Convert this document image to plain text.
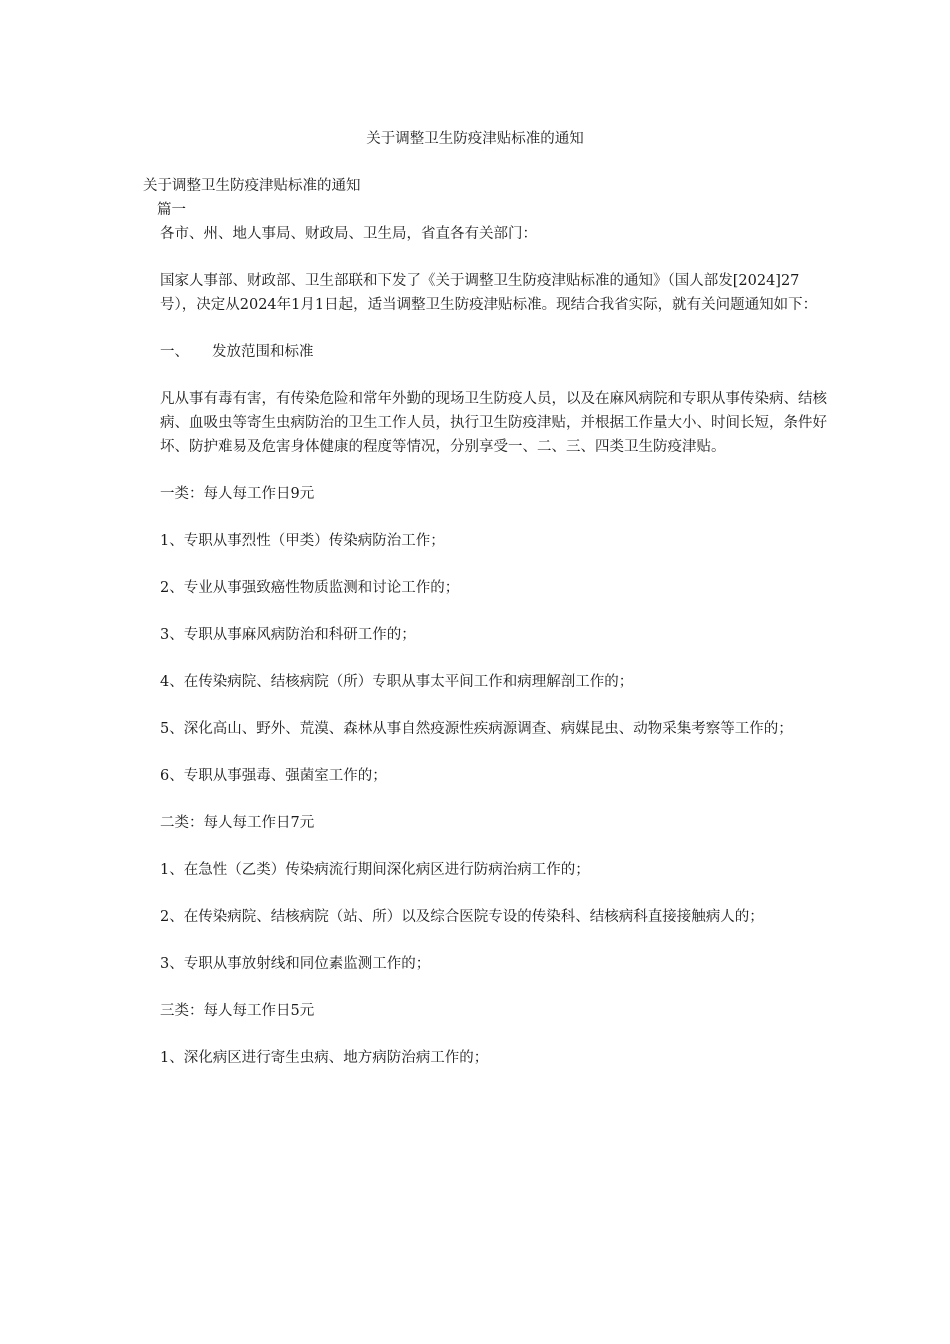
关于调整卫生防疫津贴标准的通知
关于调整卫生防疫津贴标准的通知
篇一
各市、州、地人事局、财政局、卫生局，省直各有关部门：
国家人事部、财政部、卫生部联和下发了《关于调整卫生防疫津贴标准的通知》（国人部发[2024]27号），决定从2024年1月1日起，适当调整卫生防疫津贴标准。现结合我省实际，就有关问题通知如下：
一、 发放范围和标准
凡从事有毒有害，有传染危险和常年外勤的现场卫生防疫人员，以及在麻风病院和专职从事传染病、结核病、血吸虫等寄生虫病防治的卫生工作人员，执行卫生防疫津贴，并根据工作量大小、时间长短，条件好坏、防护难易及危害身体健康的程度等情况，分别享受一、二、三、四类卫生防疫津贴。
一类：每人每工作日9元
1、专职从事烈性（甲类）传染病防治工作；
2、专业从事强致癌性物质监测和讨论工作的；
3、专职从事麻风病防治和科研工作的；
4、在传染病院、结核病院（所）专职从事太平间工作和病理解剖工作的；
5、深化高山、野外、荒漠、森林从事自然疫源性疾病源调查、病媒昆虫、动物采集考察等工作的；
6、专职从事强毒、强菌室工作的；
二类：每人每工作日7元
1、在急性（乙类）传染病流行期间深化病区进行防病治病工作的；
2、在传染病院、结核病院（站、所）以及综合医院专设的传染科、结核病科直接接触病人的；
3、专职从事放射线和同位素监测工作的；
三类：每人每工作日5元
1、深化病区进行寄生虫病、地方病防治病工作的；
